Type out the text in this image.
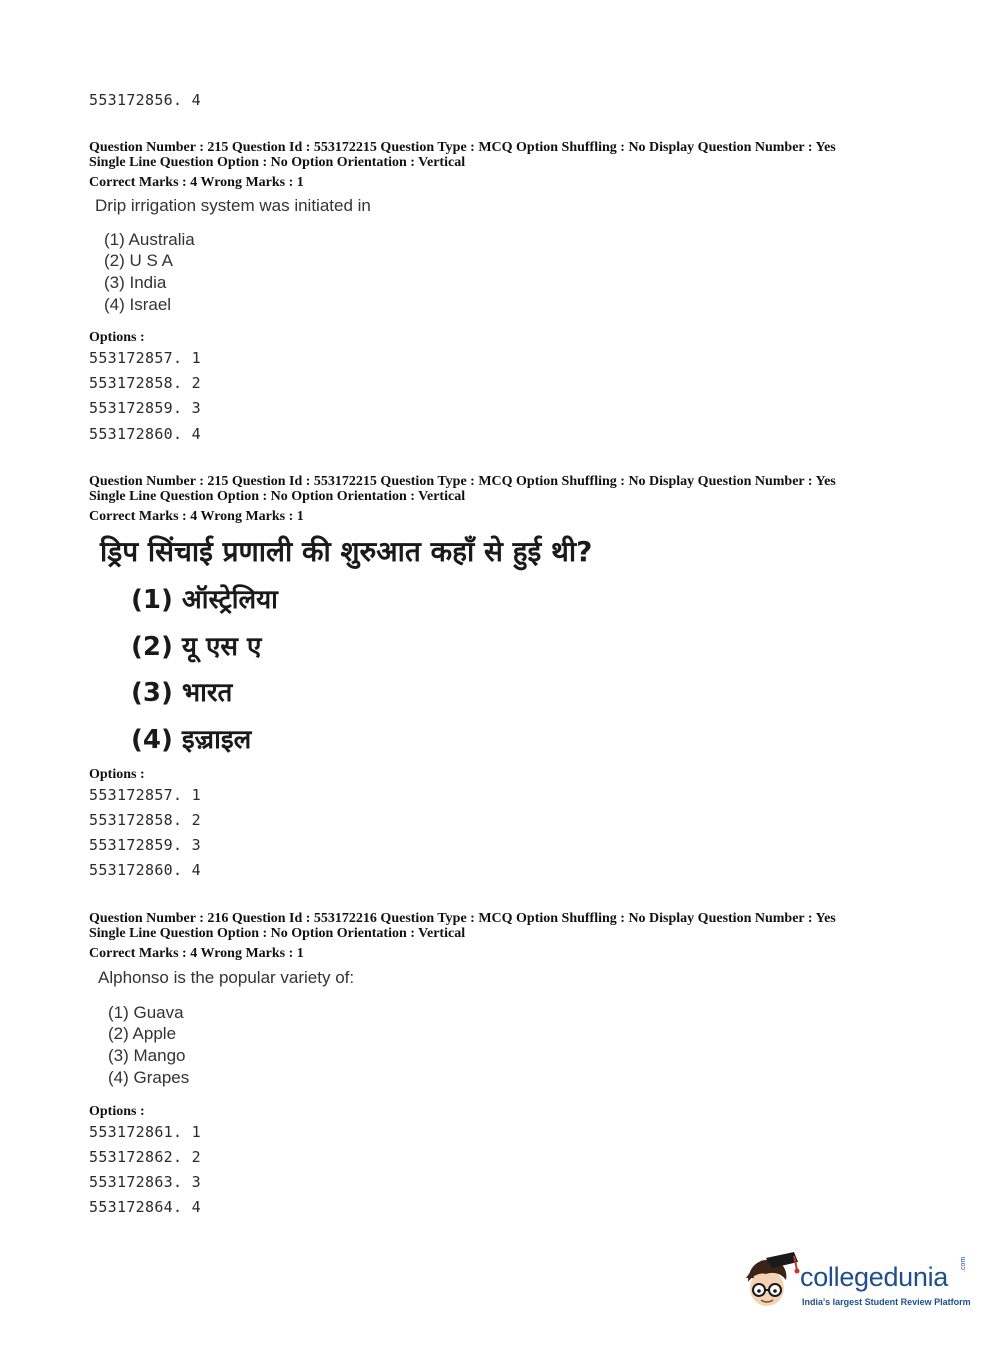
553172856. 4
Question Number : 215 Question Id : 553172215 Question Type : MCQ Option Shuffling : No Display Question Number : Yes
Single Line Question Option : No Option Orientation : Vertical
Correct Marks : 4 Wrong Marks : 1
Drip irrigation system was initiated in
(1) Australia
(2) U S A
(3) India
(4) Israel
Options :
553172857. 1
553172858. 2
553172859. 3
553172860. 4
Question Number : 215 Question Id : 553172215 Question Type : MCQ Option Shuffling : No Display Question Number : Yes
Single Line Question Option : No Option Orientation : Vertical
Correct Marks : 4 Wrong Marks : 1
ड्रिप सिंचाई प्रणाली की शुरुआत कहाँ से हुई थी?
(1) ऑस्ट्रेलिया
(2) यू एस ए
(3) भारत
(4) इज़्राइल
Options :
553172857. 1
553172858. 2
553172859. 3
553172860. 4
Question Number : 216 Question Id : 553172216 Question Type : MCQ Option Shuffling : No Display Question Number : Yes
Single Line Question Option : No Option Orientation : Vertical
Correct Marks : 4 Wrong Marks : 1
Alphonso is the popular variety of:
(1) Guava
(2) Apple
(3) Mango
(4) Grapes
Options :
553172861. 1
553172862. 2
553172863. 3
553172864. 4
collegedunia .com
India's largest Student Review Platform
